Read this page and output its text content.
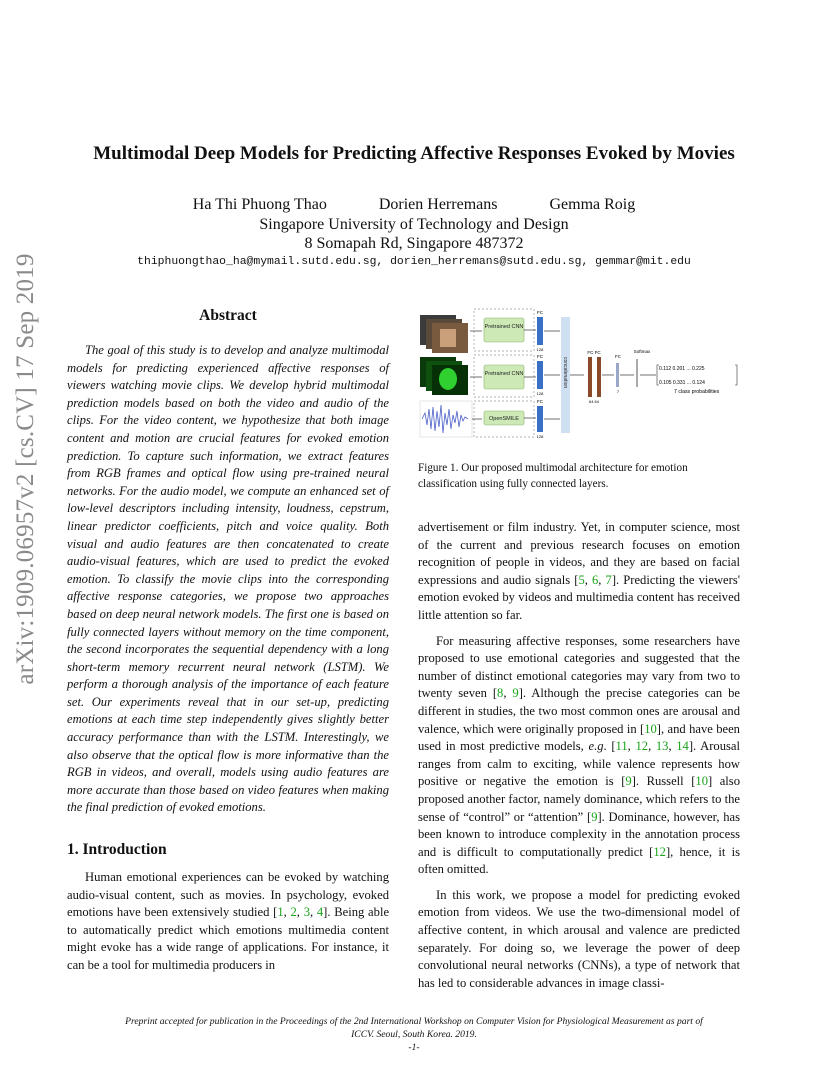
Multimodal Deep Models for Predicting Affective Responses Evoked by Movies
Ha Thi Phuong Thao	Dorien Herremans	Gemma Roig
Singapore University of Technology and Design
8 Somapah Rd, Singapore 487372
thiphuongthao_ha@mymail.sutd.edu.sg, dorien_herremans@sutd.edu.sg, gemmar@mit.edu
arXiv:1909.06957v2 [cs.CV] 17 Sep 2019	Abstract
The goal of this study is to develop and analyze multimodal models for predicting experienced affective responses of viewers watching movie clips. We develop hybrid multimodal prediction models based on both the video and audio of the clips. For the video content, we hypothesize that both image content and motion are crucial features for evoked emotion prediction. To capture such information, we extract features from RGB frames and optical flow using pre-trained neural networks. For the audio model, we compute an enhanced set of low-level descriptors including intensity, loudness, cepstrum, linear predictor coefficients, pitch and voice quality. Both visual and audio features are then concatenated to create audio-visual features, which are used to predict the evoked emotion. To classify the movie clips into the corresponding affective response categories, we propose two approaches based on deep neural network models. The first one is based on fully connected layers without memory on the time component, the second incorporates the sequential dependency with a long short-term memory recurrent neural network (LSTM). We perform a thorough analysis of the importance of each feature set. Our experiments reveal that in our set-up, predicting emotions at each time step independently gives slightly better accuracy performance than with the LSTM. Interestingly, we also observe that the optical flow is more informative than the RGB in videos, and overall, models using audio features are more accurate than those based on video features when making the final prediction of evoked emotions.
1. Introduction
Human emotional experiences can be evoked by watching audio-visual content, such as movies. In psychology, evoked emotions have been extensively studied [1, 2, 3, 4]. Being able to automatically predict which emotions multimedia content might evoke has a wide range of applications. For instance, it can be a tool for multimedia producers in
Pretrained CNN
Pretrained CNN
OpenSMILE
FC
128
FC
128
FC
128
concatenation
FC FC
64 64
FC
7
Softmax
0.112 0.201 ... 0.225
0.105 0.331 ... 0.124
7 class probabilities
Figure 1. Our proposed multimodal architecture for emotion classification using fully connected layers.
advertisement or film industry. Yet, in computer science, most of the current and previous research focuses on emotion recognition of people in videos, and they are based on facial expressions and audio signals [5, 6, 7]. Predicting the viewers' emotion evoked by videos and multimedia content has received little attention so far.
For measuring affective responses, some researchers have proposed to use emotional categories and suggested that the number of distinct emotional categories may vary from two to twenty seven [8, 9]. Although the precise categories can be different in studies, the two most common ones are arousal and valence, which were originally proposed in [10], and have been used in most predictive models, e.g. [11, 12, 13, 14]. Arousal ranges from calm to exciting, while valence represents how positive or negative the emotion is [9]. Russell [10] also proposed another factor, namely dominance, which refers to the sense of “control” or “attention” [9]. Dominance, however, has been known to introduce complexity in the annotation process and is difficult to computationally predict [12], hence, it is often omitted.
In this work, we propose a model for predicting evoked emotion from videos. We use the two-dimensional model of affective content, in which arousal and valence are predicted separately. For doing so, we leverage the power of deep convolutional neural networks (CNNs), a type of network that has led to considerable advances in image classi-
Preprint accepted for publication in the Proceedings of the 2nd International Workshop on Computer Vision for Physiological Measurement as part of
ICCV. Seoul, South Korea. 2019.
-1-
